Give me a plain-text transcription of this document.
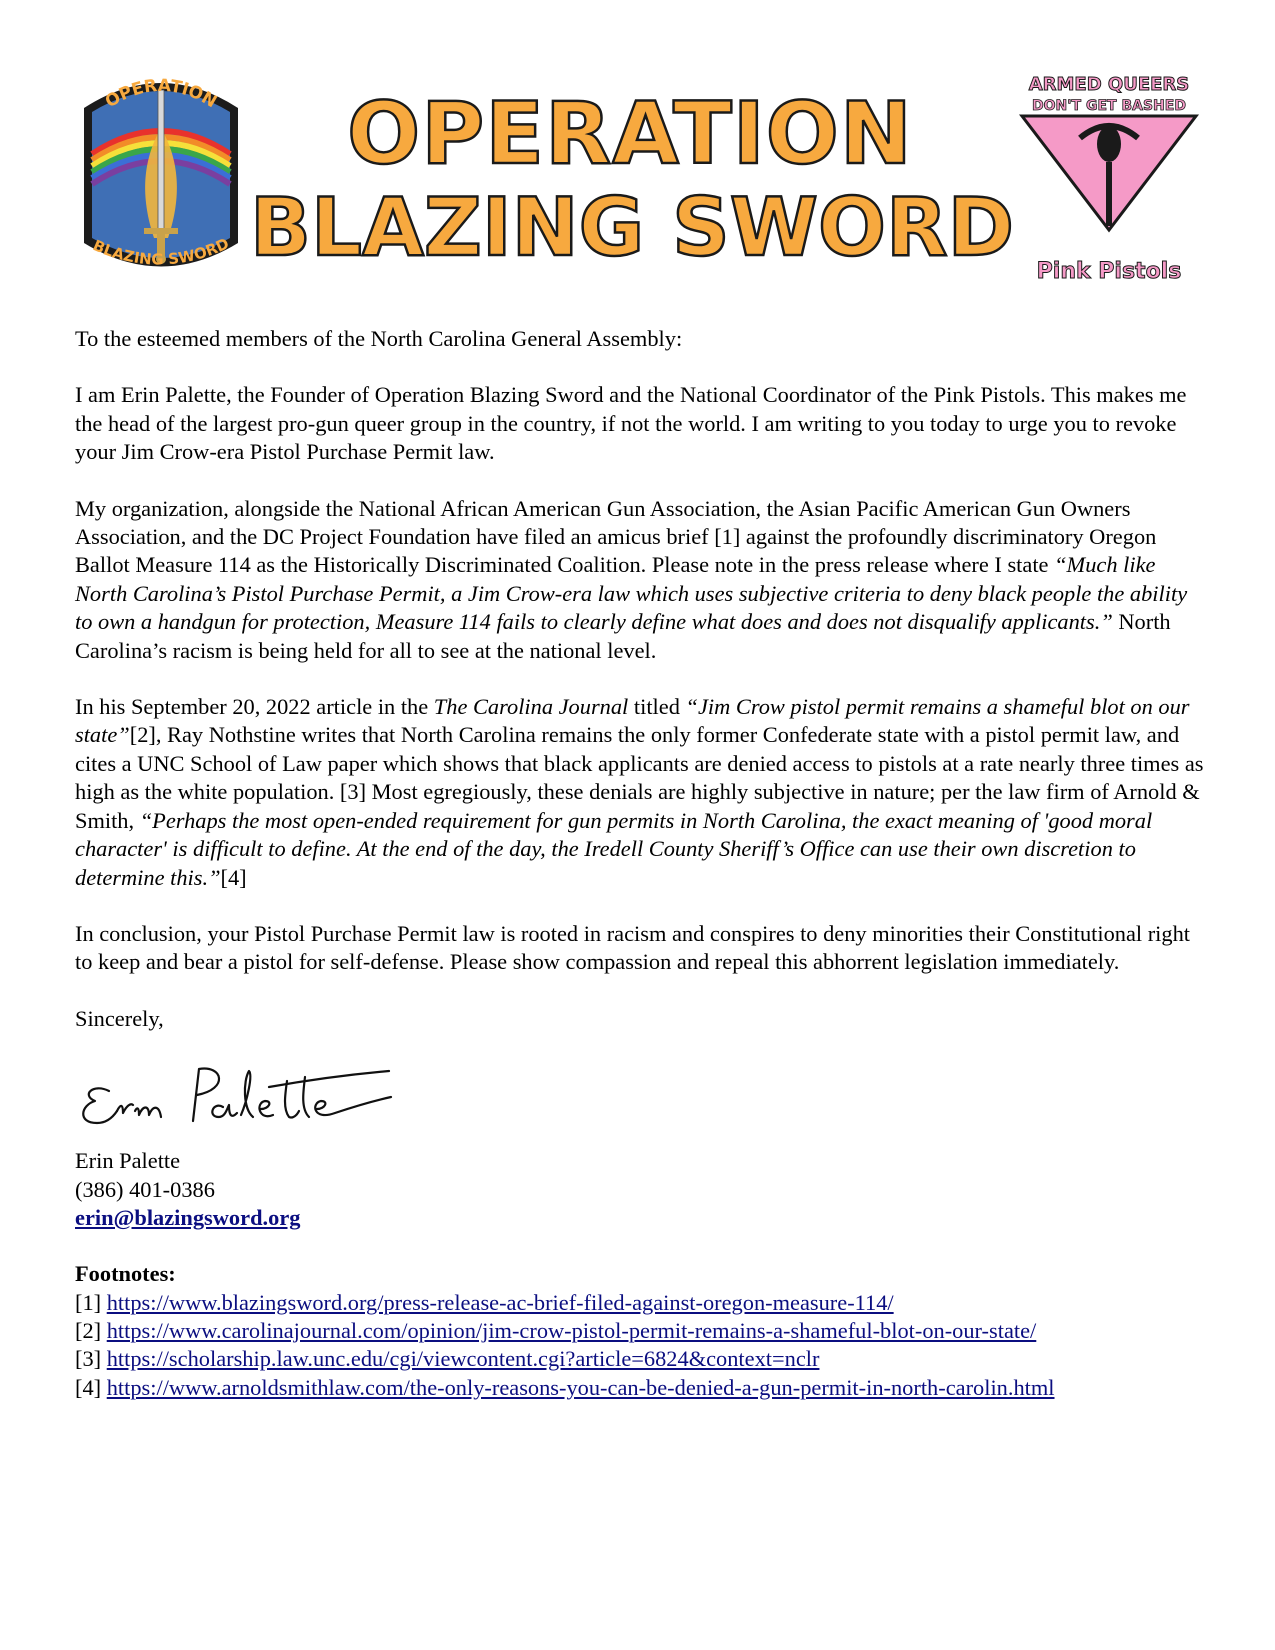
OPERATION
BLAZING SWORD
OPERATION
BLAZING SWORD
ARMED QUEERS
DON'T GET BASHED
Pink Pistols

To the esteemed members of the North Carolina General Assembly:

I am Erin Palette, the Founder of Operation Blazing Sword and the National Coordinator of the Pink Pistols. This makes me the head of the largest pro-gun queer group in the country, if not the world. I am writing to you today to urge you to revoke your Jim Crow-era Pistol Purchase Permit law.

My organization, alongside the National African American Gun Association, the Asian Pacific American Gun Owners Association, and the DC Project Foundation have filed an amicus brief [1] against the profoundly discriminatory Oregon Ballot Measure 114 as the Historically Discriminated Coalition. Please note in the press release where I state “Much like North Carolina’s Pistol Purchase Permit, a Jim Crow-era law which uses subjective criteria to deny black people the ability to own a handgun for protection, Measure 114 fails to clearly define what does and does not disqualify applicants.” North Carolina’s racism is being held for all to see at the national level.

In his September 20, 2022 article in the The Carolina Journal titled “Jim Crow pistol permit remains a shameful blot on our state”[2], Ray Nothstine writes that North Carolina remains the only former Confederate state with a pistol permit law, and cites a UNC School of Law paper which shows that black applicants are denied access to pistols at a rate nearly three times as high as the white population. [3] Most egregiously, these denials are highly subjective in nature; per the law firm of Arnold & Smith, “Perhaps the most open-ended requirement for gun permits in North Carolina, the exact meaning of 'good moral character' is difficult to define. At the end of the day, the Iredell County Sheriff’s Office can use their own discretion to determine this.”[4]

In conclusion, your Pistol Purchase Permit law is rooted in racism and conspires to deny minorities their Constitutional right to keep and bear a pistol for self-defense. Please show compassion and repeal this abhorrent legislation immediately.

Sincerely,
Erin Palette
(386) 401-0386
erin@blazingsword.org
Footnotes:
[1] https://www.blazingsword.org/press-release-ac-brief-filed-against-oregon-measure-114/
[2] https://www.carolinajournal.com/opinion/jim-crow-pistol-permit-remains-a-shameful-blot-on-our-state/
[3] https://scholarship.law.unc.edu/cgi/viewcontent.cgi?article=6824&context=nclr
[4] https://www.arnoldsmithlaw.com/the-only-reasons-you-can-be-denied-a-gun-permit-in-north-carolin.html
